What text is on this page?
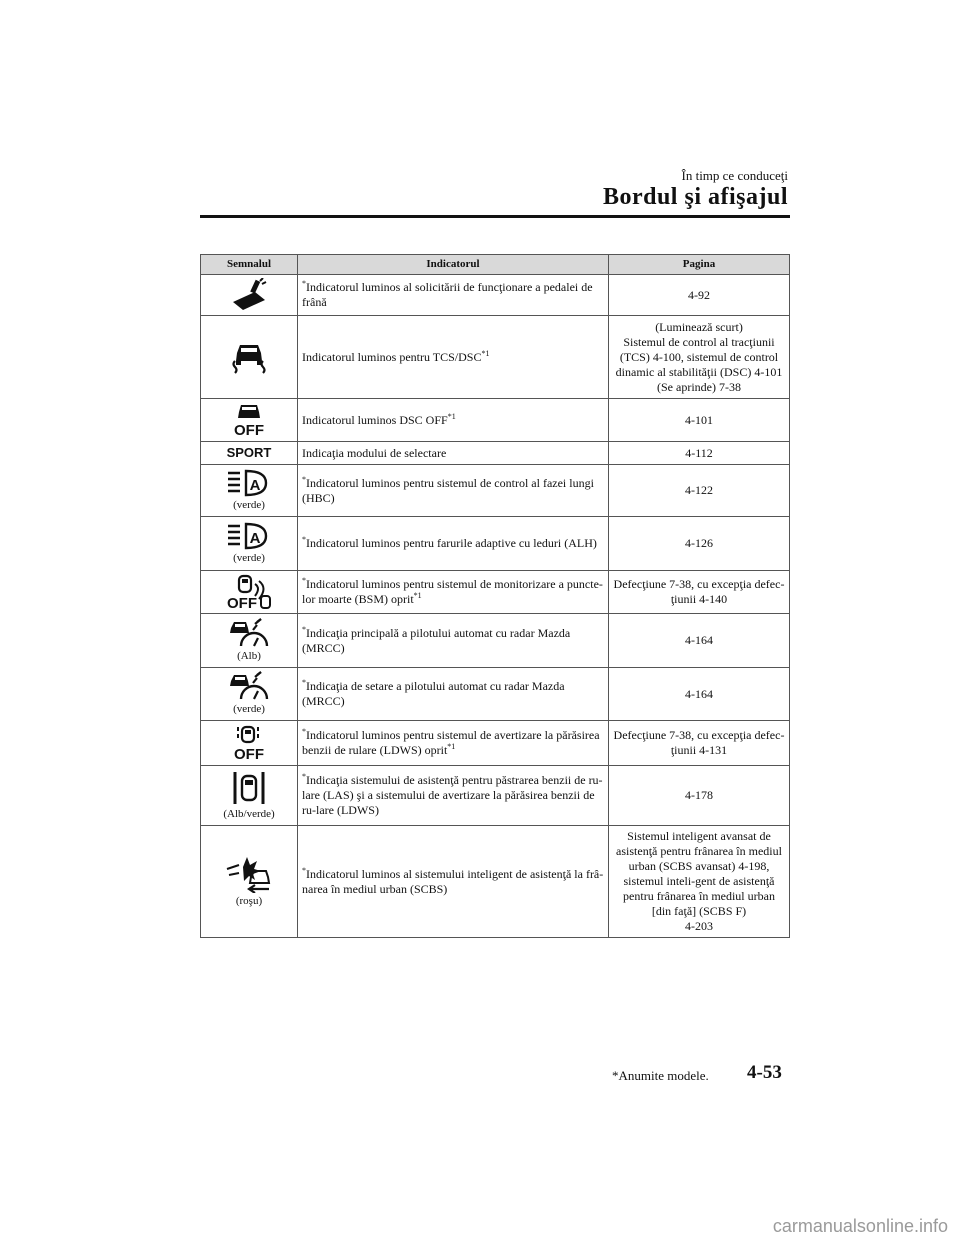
În timp ce conduceţi
Bordul şi afişajul
Semnalul	Indicatorul	Pagina

	*Indicatorul luminos al solicitării de funcţionare a pedalei de frână	4-92

	Indicatorul luminos pentru TCS/DSC$^{*1}$	(Luminează scurt)
Sistemul de control al tracţiunii (TCS) 4-100, sistemul de control dinamic al stabilităţii (DSC) 4-101
(Se aprinde) 7-38

OFF	Indicatorul luminos DSC OFF$^{*1}$	4-101
SPORT	Indicaţia modului de selectare	4-112

A
(verde)	*Indicatorul luminos pentru sistemul de control al fazei lungi (HBC)	4-122

A
(verde)	*Indicatorul luminos pentru farurile adaptive cu leduri (ALH)	4-126

OFF	*Indicatorul luminos pentru sistemul de monitorizare a puncte-lor moarte (BSM) oprit$^{*1}$	Defecţiune 7-38, cu excepţia defec-ţiunii 4-140

(Alb)	*Indicaţia principală a pilotului automat cu radar Mazda (MRCC)	4-164

(verde)	*Indicaţia de setare a pilotului automat cu radar Mazda (MRCC)	4-164

OFF	*Indicatorul luminos pentru sistemul de avertizare la părăsirea benzii de rulare (LDWS) oprit$^{*1}$	Defecţiune 7-38, cu excepţia defec-ţiunii 4-131

(Alb/verde)	*Indicaţia sistemului de asistenţă pentru păstrarea benzii de ru-lare (LAS) şi a sistemului de avertizare la părăsirea benzii de ru-lare (LDWS)	4-178

(roşu)	*Indicatorul luminos al sistemului inteligent de asistenţă la frâ-narea în mediul urban (SCBS)	Sistemul inteligent avansat de asistenţă pentru frânarea în mediul urban (SCBS avansat) 4-198, sistemul inteli-gent de asistenţă pentru frânarea în mediul urban [din faţă] (SCBS F)
4-203
*Anumite modele. 4-53
carmanualsonline.info
